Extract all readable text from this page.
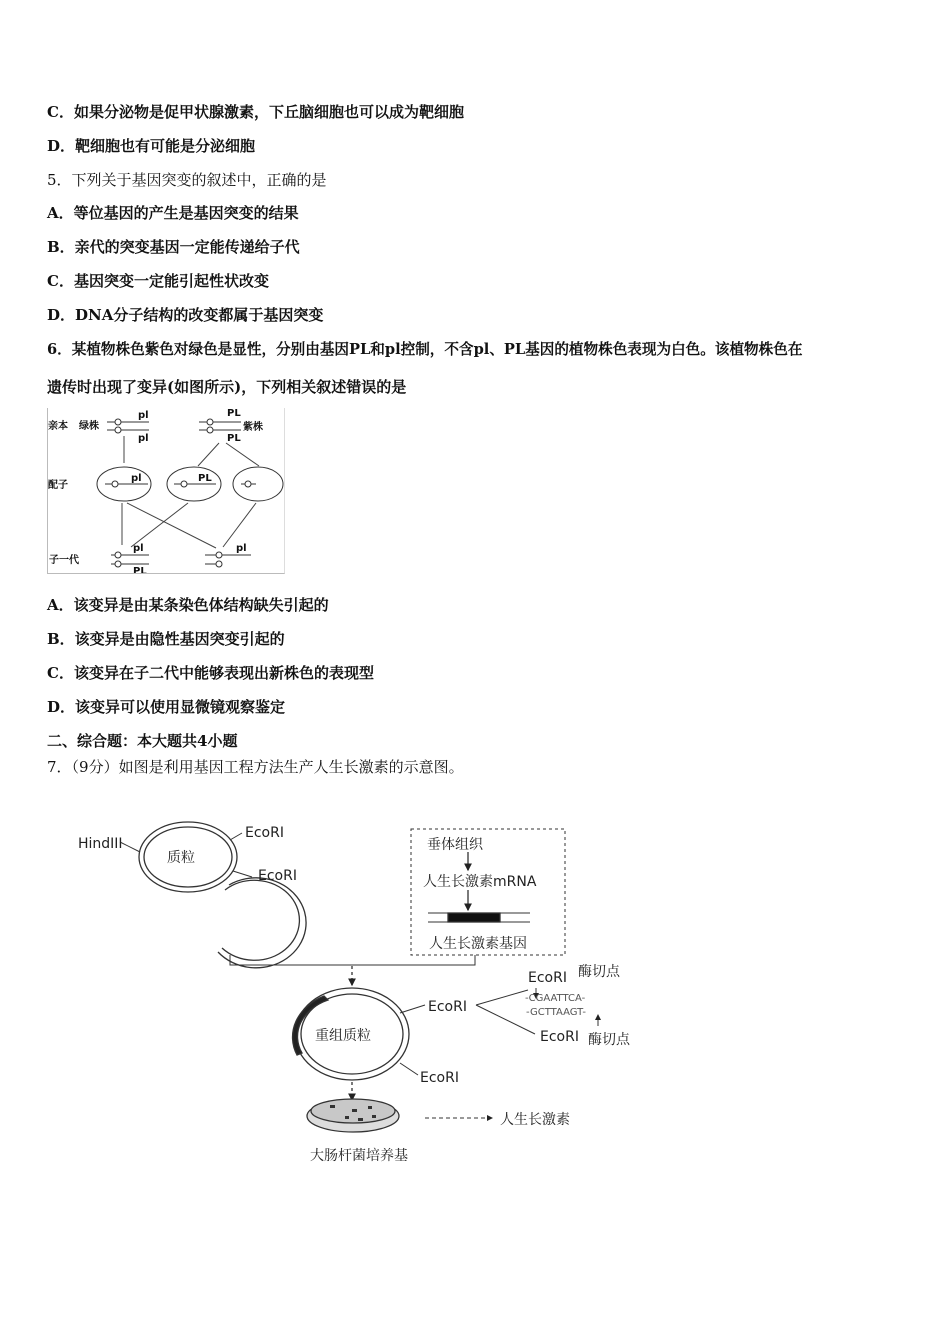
C．如果分泌物是促甲状腺激素，下丘脑细胞也可以成为靶细胞
D．靶细胞也有可能是分泌细胞
5．下列关于基因突变的叙述中，正确的是
A．等位基因的产生是基因突变的结果
B．亲代的突变基因一定能传递给子代
C．基因突变一定能引起性状改变
D．DNA分子结构的改变都属于基因突变
6．某植物株色紫色对绿色是显性，分别由基因PL和pl控制，不含pl、PL基因的植物株色表现为白色。该植物株色在
遗传时出现了变异(如图所示)，下列相关叙述错误的是
亲本 绿株	紫株
配子
子一代
pl
pl
PL
PL
pl	PL
pl
PL
pl
A．该变异是由某条染色体结构缺失引起的
B．该变异是由隐性基因突变引起的
C．该变异在子二代中能够表现出新株色的表现型
D．该变异可以使用显微镜观察鉴定
二、综合题：本大题共4小题
7．（9分）如图是利用基因工程方法生产人生长激素的示意图。
HindIII
EcoRI
EcoRI
质粒
垂体组织
人生长激素mRNA
人生长激素基因
重组质粒
EcoRI
EcoRI
EcoRI 酶切点
EcoRI 酶切点
大肠杆菌培养基
人生长激素
-CGAATTCA-
-GCTTAAGT-
